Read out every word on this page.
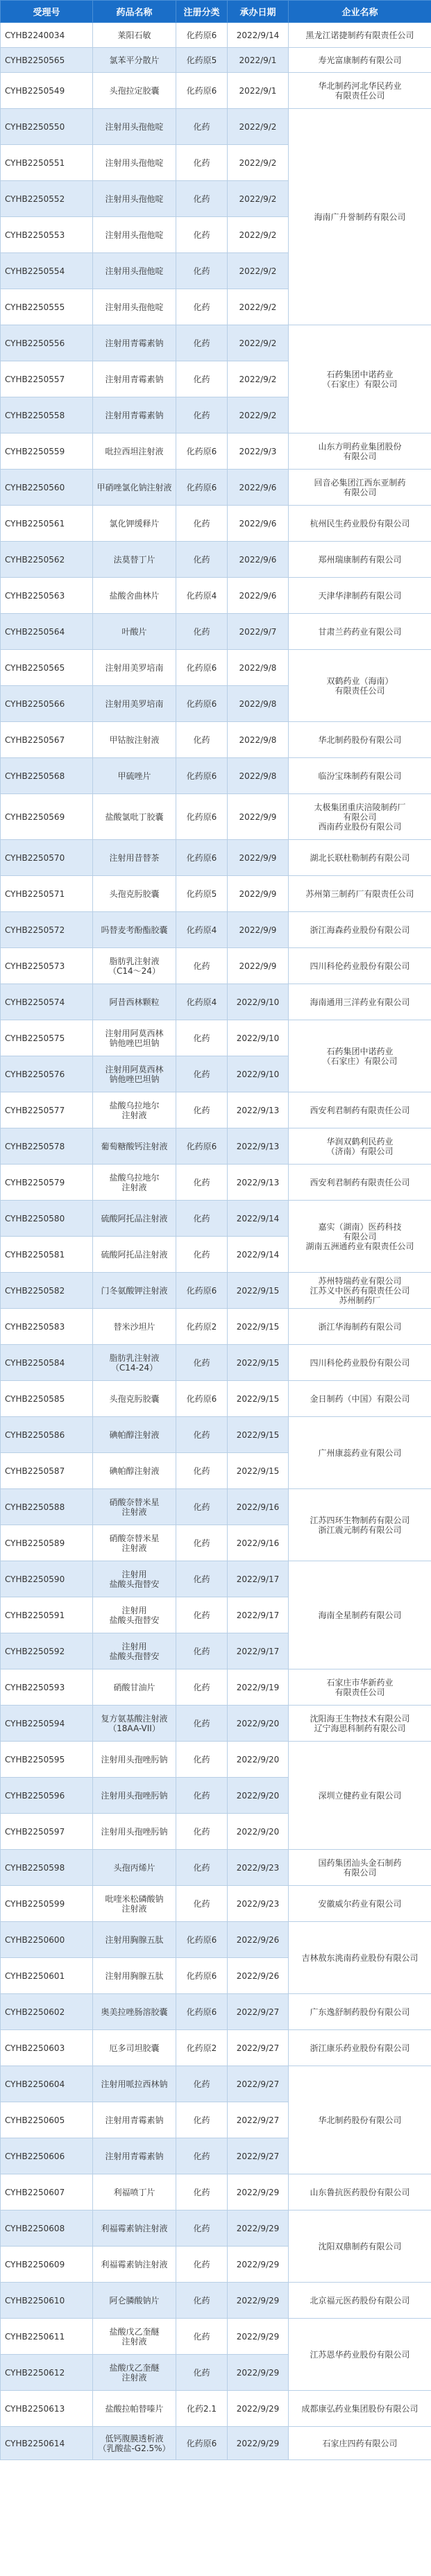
受理号	药品名称	注册分类	承办日期	企业名称
CYHB2240034	莱阳石敏	化药原6	2022/9/14	黑龙江诺捷制药有限责任公司
CYHB2250565	氯苯平分散片	化药原5	2022/9/1	寿光富康制药有限公司
CYHB2250549	头孢拉定胶囊	化药原6	2022/9/1	华北制药河北华民药业
有限责任公司
CYHB2250550	注射用头孢他啶	化药	2022/9/2	海南广升誉制药有限公司
CYHB2250551	注射用头孢他啶	化药	2022/9/2	
CYHB2250552	注射用头孢他啶	化药	2022/9/2	
CYHB2250553	注射用头孢他啶	化药	2022/9/2	
CYHB2250554	注射用头孢他啶	化药	2022/9/2	
CYHB2250555	注射用头孢他啶	化药	2022/9/2	
CYHB2250556	注射用青霉素钠	化药	2022/9/2	石药集团中诺药业
（石家庄）有限公司
CYHB2250557	注射用青霉素钠	化药	2022/9/2	
CYHB2250558	注射用青霉素钠	化药	2022/9/2	
CYHB2250559	吡拉西坦注射液	化药原6	2022/9/3	山东方明药业集团股份
有限公司
CYHB2250560	甲硝唑氯化钠注射液	化药原6	2022/9/6	回音必集团江西东亚制药
有限公司
CYHB2250561	氯化钾缓释片	化药	2022/9/6	杭州民生药业股份有限公司
CYHB2250562	法莫替丁片	化药	2022/9/6	郑州瑞康制药有限公司
CYHB2250563	盐酸舍曲林片	化药原4	2022/9/6	天津华津制药有限公司
CYHB2250564	叶酸片	化药	2022/9/7	甘肃兰药药业有限公司
CYHB2250565	注射用美罗培南	化药原6	2022/9/8	双鹤药业（海南）
有限责任公司
CYHB2250566	注射用美罗培南	化药原6	2022/9/8	
CYHB2250567	甲钴胺注射液	化药	2022/9/8	华北制药股份有限公司
CYHB2250568	甲硫唑片	化药原6	2022/9/8	临汾宝珠制药有限公司
CYHB2250569	盐酸氯吡丁胶囊	化药原6	2022/9/9	太极集团重庆涪陵制药厂
有限公司
西南药业股份有限公司
CYHB2250570	注射用昔替茶	化药原6	2022/9/9	湖北长联杜勒制药有限公司
CYHB2250571	头孢克肟胶囊	化药原5	2022/9/9	苏州第三制药厂有限责任公司
CYHB2250572	吗替麦考酚酯胶囊	化药原4	2022/9/9	浙江海森药业股份有限公司
CYHB2250573	脂肪乳注射液
（C14～24）	化药	2022/9/9	四川科伦药业股份有限公司
CYHB2250574	阿昔西林颗粒	化药原4	2022/9/10	海南通用三洋药业有限公司
CYHB2250575	注射用阿莫西林
钠他唑巴坦钠	化药	2022/9/10	石药集团中诺药业
（石家庄）有限公司
CYHB2250576	注射用阿莫西林
钠他唑巴坦钠	化药	2022/9/10	
CYHB2250577	盐酸乌拉地尔
注射液	化药	2022/9/13	西安利君制药有限责任公司
CYHB2250578	葡萄糖酸钙注射液	化药原6	2022/9/13	华润双鹤利民药业
（济南）有限公司
CYHB2250579	盐酸乌拉地尔
注射液	化药	2022/9/13	西安利君制药有限责任公司
CYHB2250580	硫酸阿托品注射液	化药	2022/9/14	嘉实（湖南）医药科技
有限公司
湖南五洲通药业有限责任公司
CYHB2250581	硫酸阿托品注射液	化药	2022/9/14	
CYHB2250582	门冬氨酸钾注射液	化药原6	2022/9/15	苏州特瑞药业有限公司
江苏义中医药有限责任公司
苏州制药厂
CYHB2250583	替米沙坦片	化药原2	2022/9/15	浙江华海制药有限公司
CYHB2250584	脂肪乳注射液
（C14-24）	化药	2022/9/15	四川科伦药业股份有限公司
CYHB2250585	头孢克肟胶囊	化药原6	2022/9/15	金日制药（中国）有限公司
CYHB2250586	碘帕醇注射液	化药	2022/9/15	广州康蕊药业有限公司
CYHB2250587	碘帕醇注射液	化药	2022/9/15	
CYHB2250588	硝酸奈替米星
注射液	化药	2022/9/16	江苏四环生物制药有限公司
浙江震元制药有限公司
CYHB2250589	硝酸奈替米星
注射液	化药	2022/9/16	
CYHB2250590	注射用
盐酸头孢替安	化药	2022/9/17	海南全星制药有限公司
CYHB2250591	注射用
盐酸头孢替安	化药	2022/9/17	
CYHB2250592	注射用
盐酸头孢替安	化药	2022/9/17	
CYHB2250593	硝酸甘油片	化药	2022/9/19	石家庄市华新药业
有限责任公司
CYHB2250594	复方氨基酸注射液
（18AA-VII）	化药	2022/9/20	沈阳海王生物技术有限公司
辽宁海思科制药有限公司
CYHB2250595	注射用头孢唑肟钠	化药	2022/9/20	深圳立健药业有限公司
CYHB2250596	注射用头孢唑肟钠	化药	2022/9/20	
CYHB2250597	注射用头孢唑肟钠	化药	2022/9/20	
CYHB2250598	头孢丙烯片	化药	2022/9/23	国药集团汕头金石制药
有限公司
CYHB2250599	吡喹米松磷酸钠
注射液	化药	2022/9/23	安徽威尔药业有限公司
CYHB2250600	注射用胸腺五肽	化药原6	2022/9/26	吉林敖东洮南药业股份有限公司
CYHB2250601	注射用胸腺五肽	化药原6	2022/9/26	
CYHB2250602	奥美拉唑肠溶胶囊	化药原6	2022/9/27	广东逸舒制药股份有限公司
CYHB2250603	厄多司坦胶囊	化药原2	2022/9/27	浙江康乐药业股份有限公司
CYHB2250604	注射用哌拉西林钠	化药	2022/9/27	华北制药股份有限公司
CYHB2250605	注射用青霉素钠	化药	2022/9/27	
CYHB2250606	注射用青霉素钠	化药	2022/9/27	
CYHB2250607	利福喷丁片	化药	2022/9/29	山东鲁抗医药股份有限公司
CYHB2250608	利福霉素钠注射液	化药	2022/9/29	沈阳双鼎制药有限公司
CYHB2250609	利福霉素钠注射液	化药	2022/9/29	
CYHB2250610	阿仑膦酸钠片	化药	2022/9/29	北京福元医药股份有限公司
CYHB2250611	盐酸戊乙奎醚
注射液	化药	2022/9/29	江苏恩华药业股份有限公司
CYHB2250612	盐酸戊乙奎醚
注射液	化药	2022/9/29	
CYHB2250613	盐酸拉帕替嗪片	化药2.1	2022/9/29	成都康弘药业集团股份有限公司
CYHB2250614	低钙腹膜透析液
（乳酸盐-G2.5%）	化药原6	2022/9/29	石家庄四药有限公司
